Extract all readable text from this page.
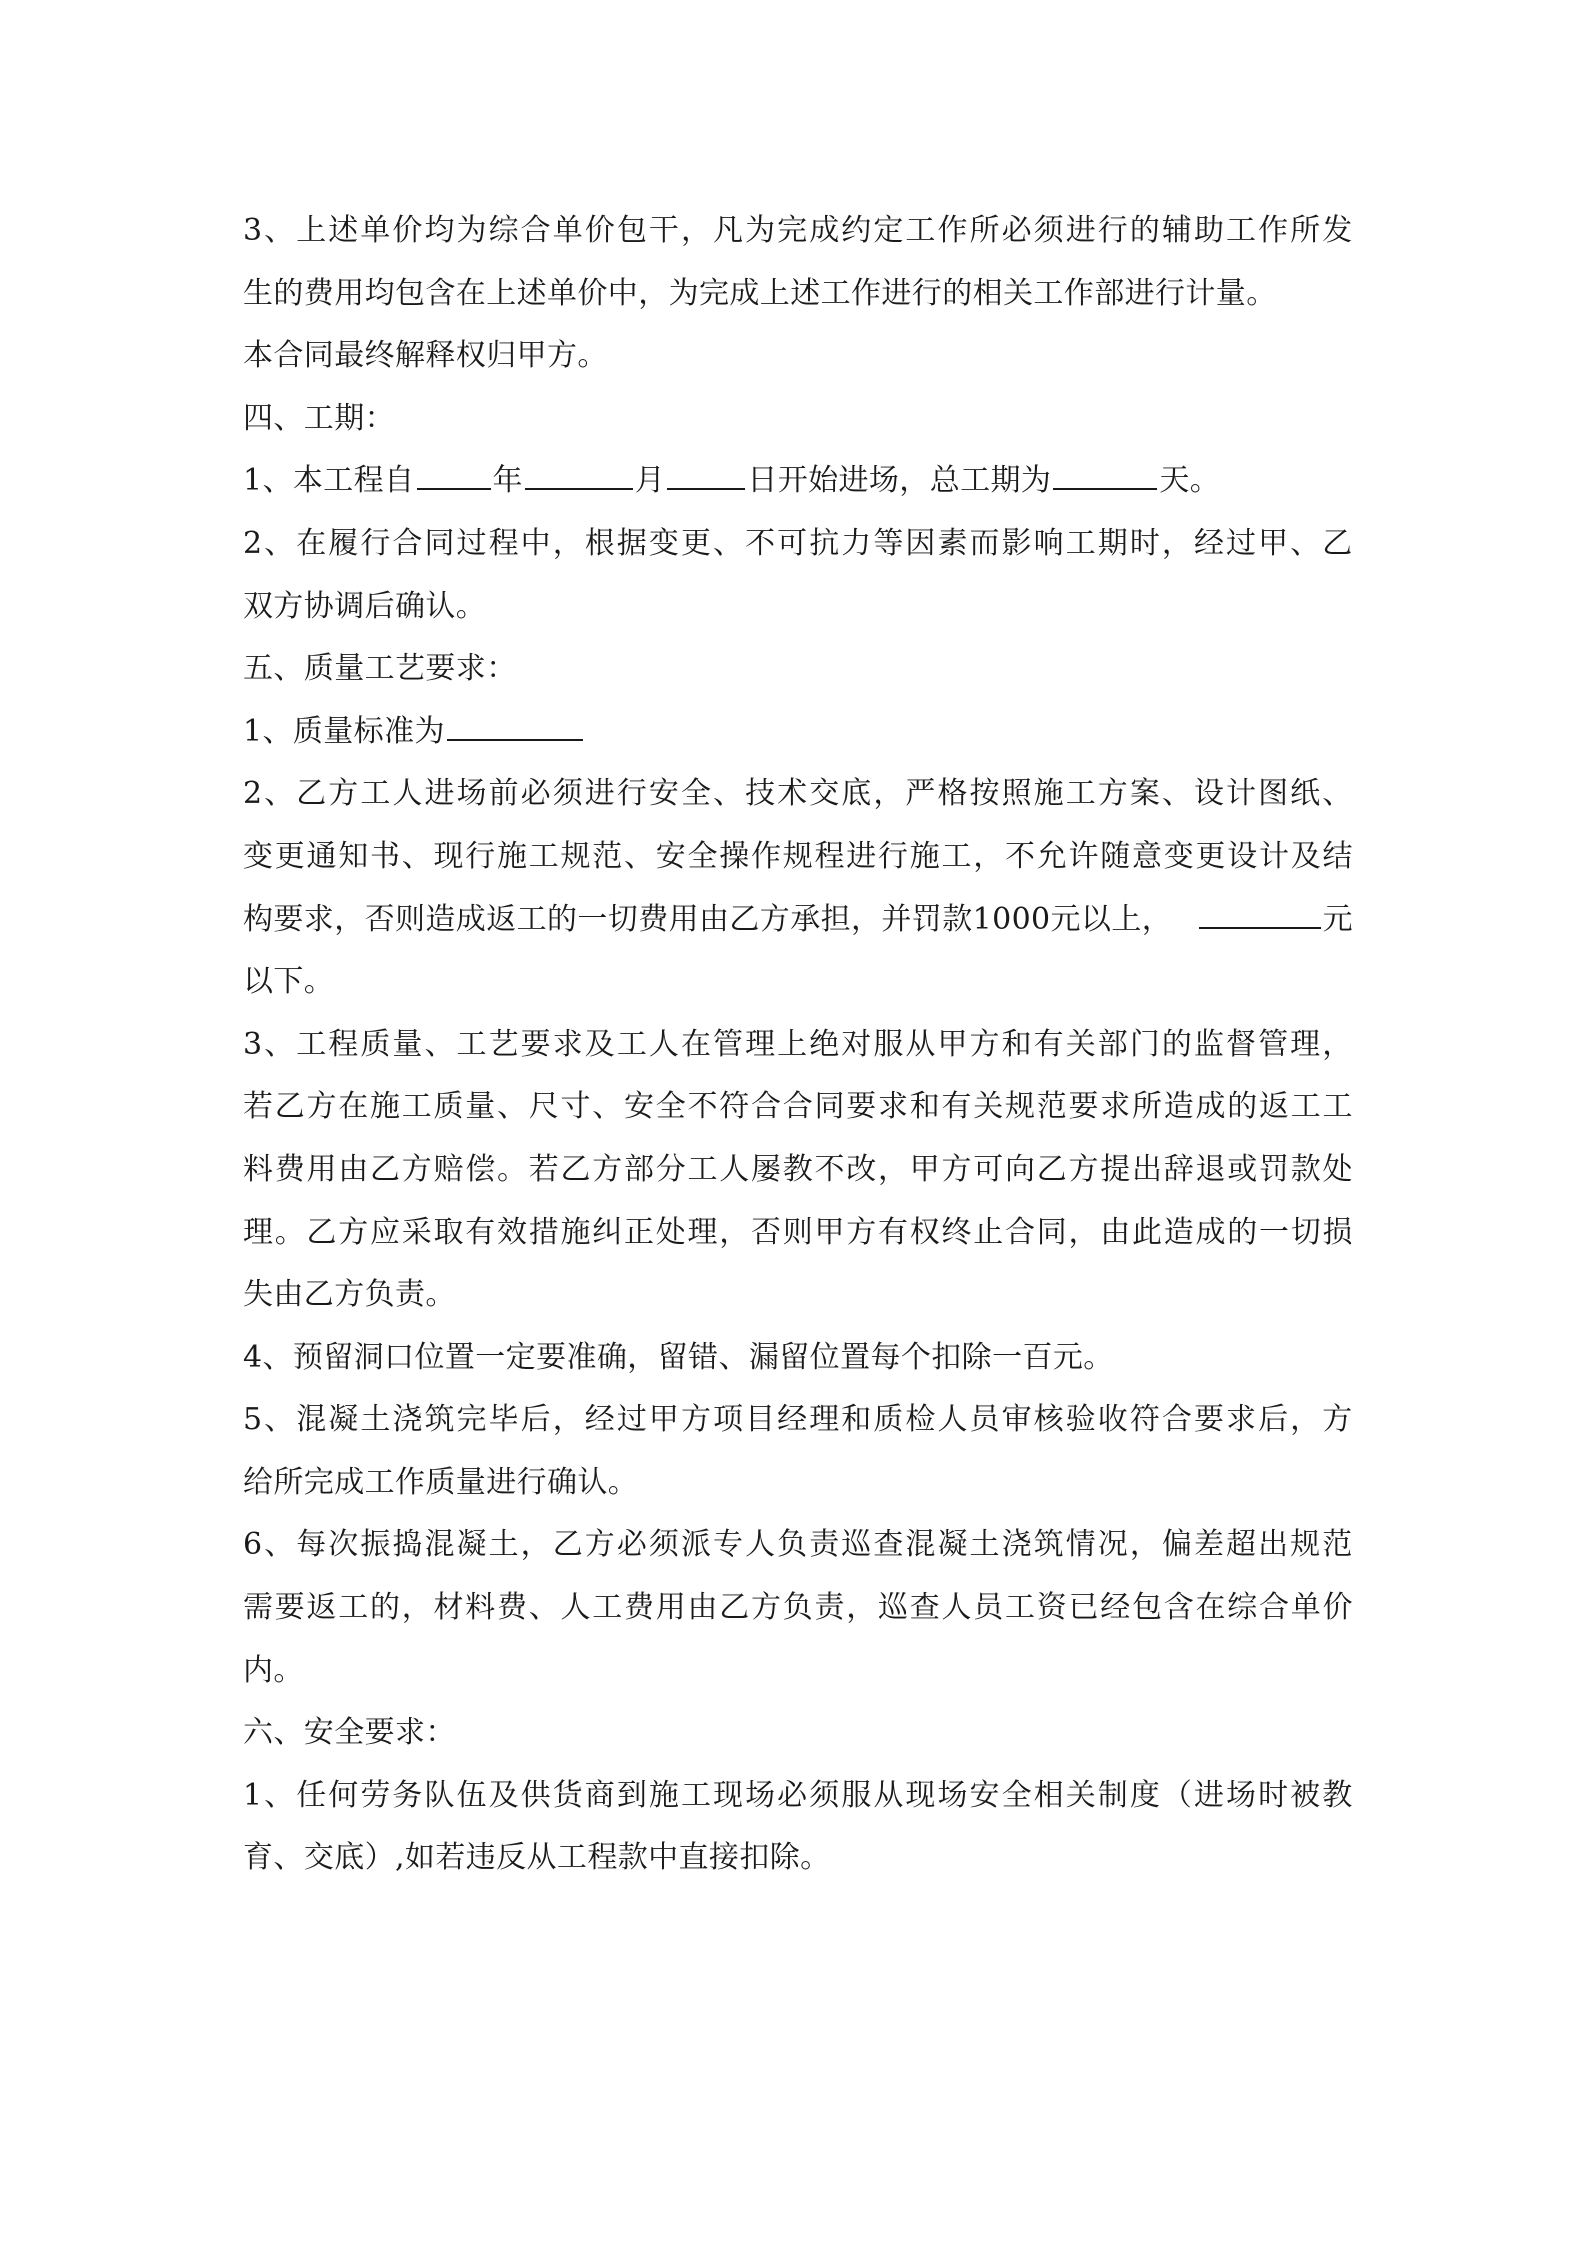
3 、 上 述 单 价 均 为 综 合 单 价 包 干 ， 凡 为 完 成 约 定 工 作 所 必 须 进 行 的 辅 助 工 作 所 发
生的费用均包含在上述单价中，为完成上述工作进行的相关工作部进行计量。
本合同最终解释权归甲方。
四、工期：
1、本工程自	年	月	日开始进场，总工期为	天。
2 、 在 履 行 合 同 过 程 中 ， 根 据 变 更 、 不 可 抗 力 等 因 素 而 影 响 工 期 时 ， 经 过 甲 、 乙
双方协调后确认。
五、质量工艺要求：
1、质量标准为
2 、 乙 方 工 人 进 场 前 必 须 进 行 安 全 、 技 术 交 底 ， 严 格 按 照 施 工 方 案 、 设 计 图 纸 、
变 更 通 知 书 、 现 行 施 工 规 范 、 安 全 操 作 规 程 进 行 施 工 ， 不 允 许 随 意 变 更 设 计 及 结
构要求，否则造成返工的一切费用由乙方承担，并罚款1000元以上，	元
以下。
3 、 工 程 质 量 、 工 艺 要 求 及 工 人 在 管 理 上 绝 对 服 从 甲 方 和 有 关 部 门 的 监 督 管 理 ，
若 乙 方 在 施 工 质 量 、 尺 寸 、 安 全 不 符 合 合 同 要 求 和 有 关 规 范 要 求 所 造 成 的 返 工 工
料 费 用 由 乙 方 赔 偿 。 若 乙 方 部 分 工 人 屡 教 不 改 ， 甲 方 可 向 乙 方 提 出 辞 退 或 罚 款 处
理 。 乙 方 应 采 取 有 效 措 施 纠 正 处 理 ， 否 则 甲 方 有 权 终 止 合 同 ， 由 此 造 成 的 一 切 损
失由乙方负责。
4、预留洞口位置一定要准确，留错、漏留位置每个扣除一百元。
5 、 混 凝 土 浇 筑 完 毕 后 ， 经 过 甲 方 项 目 经 理 和 质 检 人 员 审 核 验 收 符 合 要 求 后 ， 方
给所完成工作质量进行确认。
6 、 每 次 振 捣 混 凝 土 ， 乙 方 必 须 派 专 人 负 责 巡 查 混 凝 土 浇 筑 情 况 ， 偏 差 超 出 规 范
需 要 返 工 的 ， 材 料 费 、 人 工 费 用 由 乙 方 负 责 ， 巡 查 人 员 工 资 已 经 包 含 在 综 合 单 价
内。
六、安全要求：
1 、 任 何 劳 务 队 伍 及 供 货 商 到 施 工 现 场 必 须 服 从 现 场 安 全 相 关 制 度 （ 进 场 时 被 教
育、交底）,如若违反从工程款中直接扣除。
